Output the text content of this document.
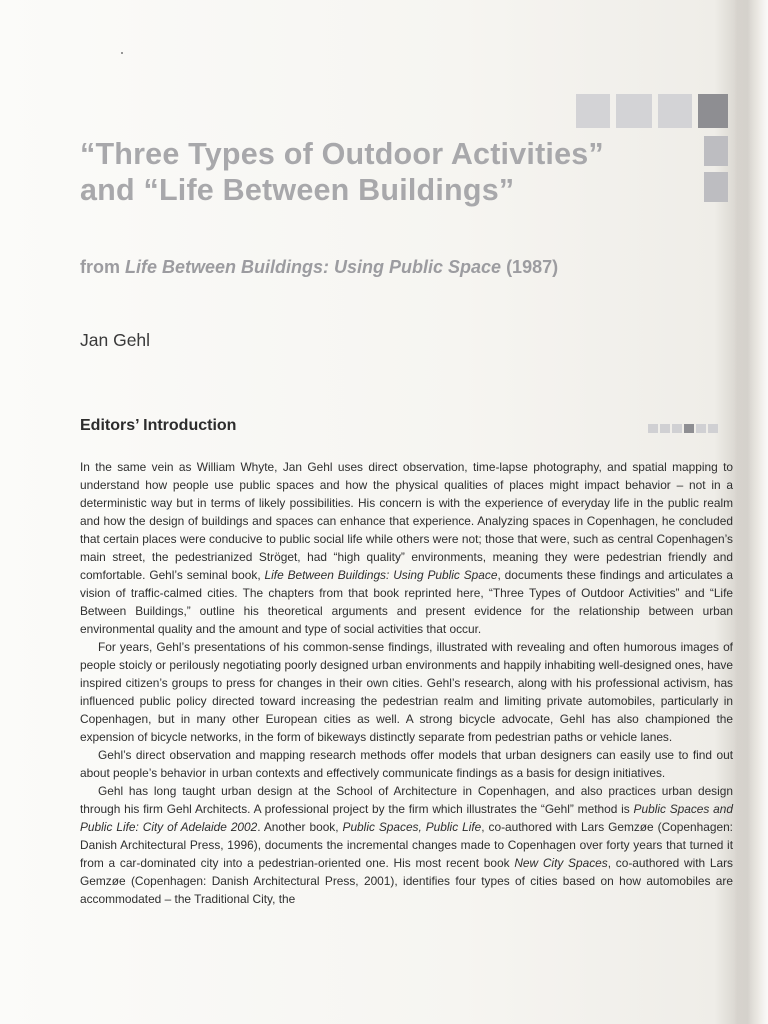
“Three Types of Outdoor Activities” and “Life Between Buildings”

from Life Between Buildings: Using Public Space (1987)

Jan Gehl

Editors’ Introduction

In the same vein as William Whyte, Jan Gehl uses direct observation, time-lapse photography, and spatial mapping to understand how people use public spaces and how the physical qualities of places might impact behavior – not in a deterministic way but in terms of likely possibilities. His concern is with the experience of everyday life in the public realm and how the design of buildings and spaces can enhance that experience. Analyzing spaces in Copenhagen, he concluded that certain places were conducive to public social life while others were not; those that were, such as central Copenhagen’s main street, the pedestrianized Ströget, had “high quality” environments, meaning they were pedestrian friendly and comfortable. Gehl’s seminal book, Life Between Buildings: Using Public Space, documents these findings and articulates a vision of traffic-calmed cities. The chapters from that book reprinted here, “Three Types of Outdoor Activities” and “Life Between Buildings,” outline his theoretical arguments and present evidence for the relationship between urban environmental quality and the amount and type of social activities that occur.

For years, Gehl’s presentations of his common-sense findings, illustrated with revealing and often humorous images of people stoicly or perilously negotiating poorly designed urban environments and happily inhabiting well-designed ones, have inspired citizen’s groups to press for changes in their own cities. Gehl’s research, along with his professional activism, has influenced public policy directed toward increasing the pedestrian realm and limiting private automobiles, particularly in Copenhagen, but in many other European cities as well. A strong bicycle advocate, Gehl has also championed the expension of bicycle networks, in the form of bikeways distinctly separate from pedestrian paths or vehicle lanes.

Gehl’s direct observation and mapping research methods offer models that urban designers can easily use to find out about people’s behavior in urban contexts and effectively communicate findings as a basis for design initiatives.

Gehl has long taught urban design at the School of Architecture in Copenhagen, and also practices urban design through his firm Gehl Architects. A professional project by the firm which illustrates the “Gehl” method is Public Spaces and Public Life: City of Adelaide 2002. Another book, Public Spaces, Public Life, co-authored with Lars Gemzøe (Copenhagen: Danish Architectural Press, 1996), documents the incremental changes made to Copenhagen over forty years that turned it from a car-dominated city into a pedestrian-oriented one. His most recent book New City Spaces, co-authored with Lars Gemzøe (Copenhagen: Danish Architectural Press, 2001), identifies four types of cities based on how automobiles are accommodated – the Traditional City, the
